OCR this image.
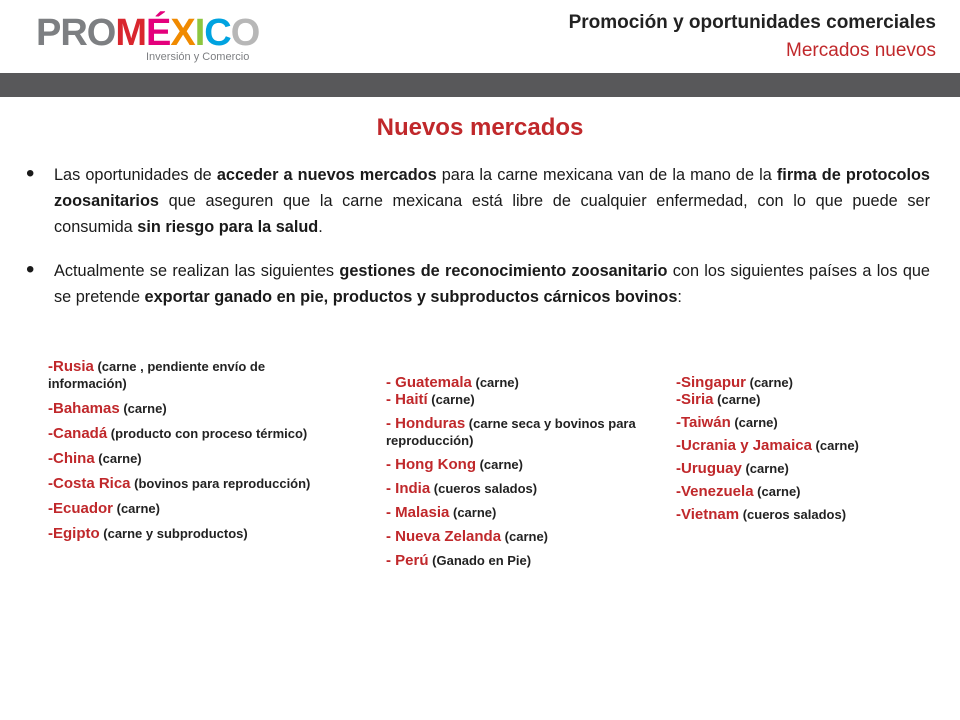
PROMÉXICO
Inversión y Comercio
Promoción y oportunidades comerciales
Mercados nuevos
Nuevos mercados
• Las oportunidades de acceder a nuevos mercados para la carne mexicana van de la mano de la firma de protocolos zoosanitarios que aseguren que la carne mexicana está libre de cualquier enfermedad, con lo que puede ser consumida sin riesgo para la salud.
• Actualmente se realizan las siguientes gestiones de reconocimiento zoosanitario con los siguientes países a los que se pretende exportar ganado en pie, productos y subproductos cárnicos bovinos:
-Rusia (carne , pendiente envío de información)
-Bahamas (carne)
-Canadá (producto con proceso térmico)
-China (carne)
-Costa Rica (bovinos para reproducción)
-Ecuador (carne)
-Egipto (carne y subproductos)
- Guatemala (carne)
- Haití (carne)
- Honduras (carne seca y bovinos para reproducción)
- Hong Kong (carne)
- India (cueros salados)
- Malasia (carne)
- Nueva Zelanda (carne)
- Perú (Ganado en Pie)
-Singapur (carne)
-Siria (carne)
-Taiwán (carne)
-Ucrania y Jamaica (carne)
-Uruguay (carne)
-Venezuela (carne)
-Vietnam (cueros salados)
